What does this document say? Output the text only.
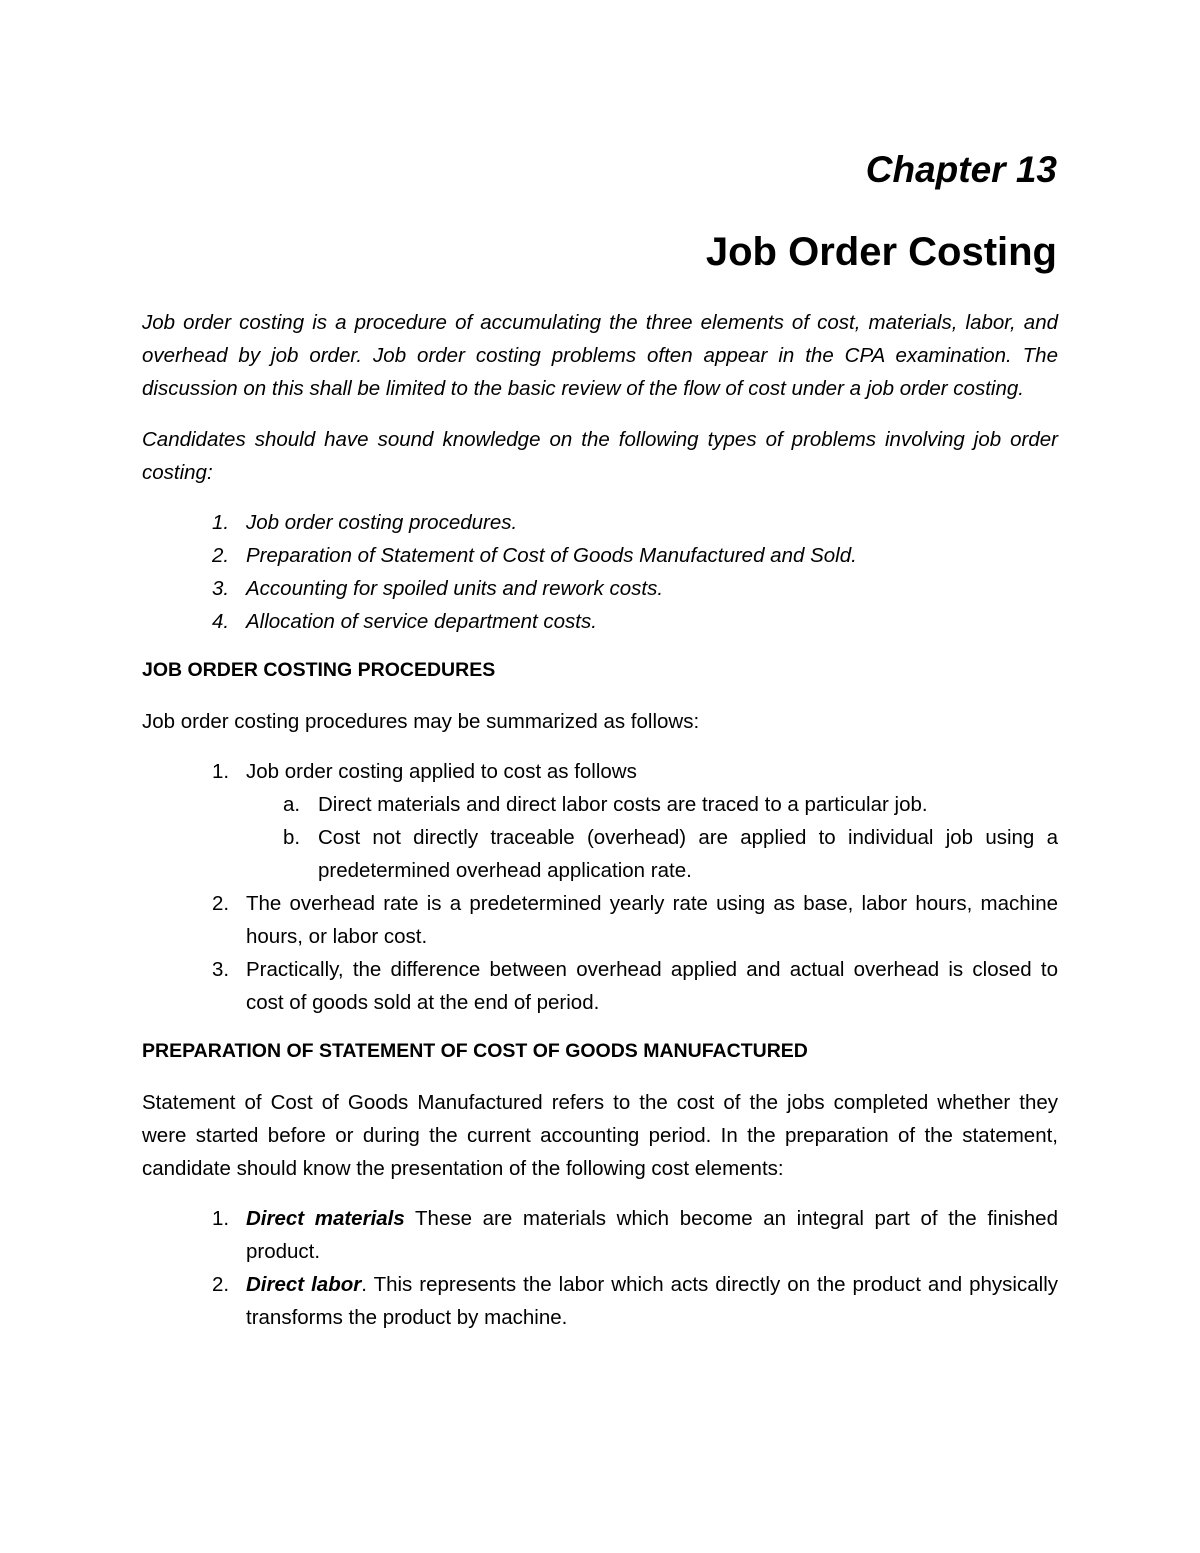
Chapter 13
Job Order Costing

Job order costing is a procedure of accumulating the three elements of cost, materials, labor, and overhead by job order. Job order costing problems often appear in the CPA examination. The discussion on this shall be limited to the basic review of the flow of cost under a job order costing.

Candidates should have sound knowledge on the following types of problems involving job order costing:

1. Job order costing procedures.
2. Preparation of Statement of Cost of Goods Manufactured and Sold.
3. Accounting for spoiled units and rework costs.
4. Allocation of service department costs.

JOB ORDER COSTING PROCEDURES

Job order costing procedures may be summarized as follows:

1. Job order costing applied to cost as follows
a. Direct materials and direct labor costs are traced to a particular job.
b. Cost not directly traceable (overhead) are applied to individual job using a predetermined overhead application rate.
2. The overhead rate is a predetermined yearly rate using as base, labor hours, machine hours, or labor cost.
3. Practically, the difference between overhead applied and actual overhead is closed to cost of goods sold at the end of period.

PREPARATION OF STATEMENT OF COST OF GOODS MANUFACTURED

Statement of Cost of Goods Manufactured refers to the cost of the jobs completed whether they were started before or during the current accounting period. In the preparation of the statement, candidate should know the presentation of the following cost elements:

1. Direct materials These are materials which become an integral part of the finished product.
2. Direct labor. This represents the labor which acts directly on the product and physically transforms the product by machine.
